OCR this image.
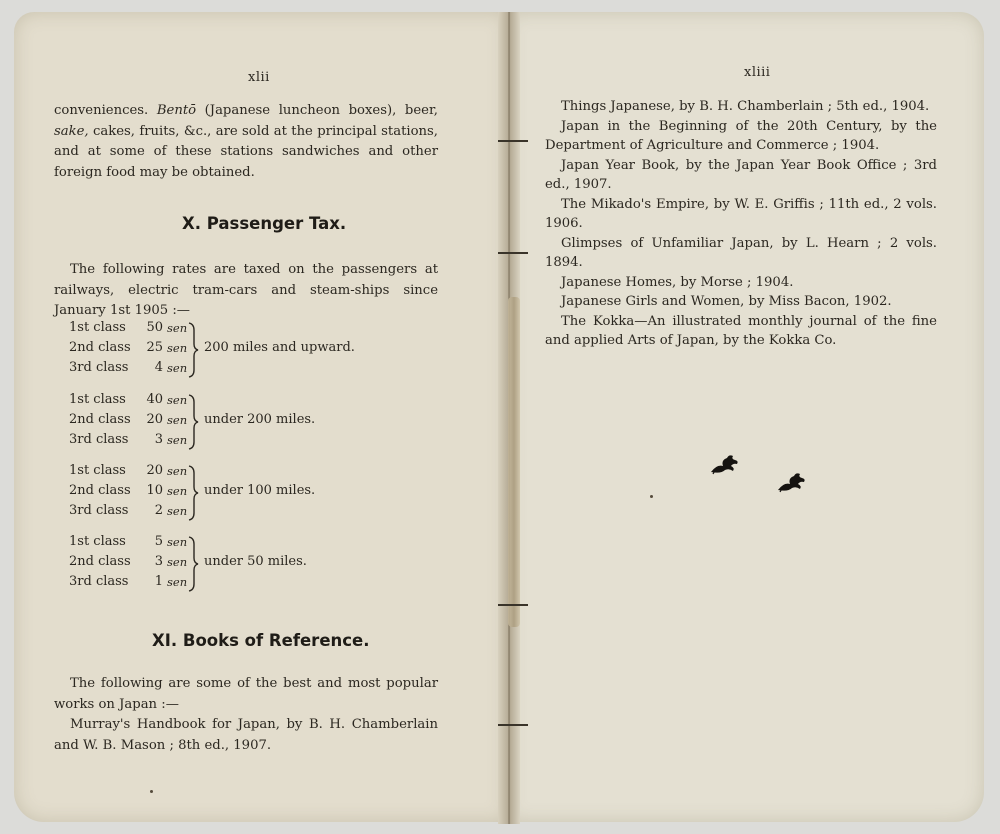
xlii

conveniences. Bentō (Japanese luncheon boxes), beer, sake, cakes, fruits, &c., are sold at the principal stations, and at some of these stations sandwiches and other foreign food may be obtained.

X. Passenger Tax.

The following rates are taxed on the passengers at railways, electric tram-cars and steam-ships since January 1st 1905 :—

1st class	50 sen
2nd class	25 sen
3rd class	4 sen
200 miles and upward.
1st class	40 sen
2nd class	20 sen
3rd class	3 sen
under 200 miles.
1st class	20 sen
2nd class	10 sen
3rd class	2 sen
under 100 miles.
1st class	5 sen
2nd class	3 sen
3rd class	1 sen
under 50 miles.
XI. Books of Reference.

The following are some of the best and most popular works on Japan :—

Murray's Handbook for Japan, by B. H. Chamberlain and W. B. Mason ; 8th ed., 1907.

xliii

Things Japanese, by B. H. Chamberlain ; 5th ed., 1904.

Japan in the Beginning of the 20th Century, by the Department of Agriculture and Commerce ; 1904.

Japan Year Book, by the Japan Year Book Office ; 3rd ed., 1907.

The Mikado's Empire, by W. E. Griffis ; 11th ed., 2 vols. 1906.

Glimpses of Unfamiliar Japan, by L. Hearn ; 2 vols. 1894.

Japanese Homes, by Morse ; 1904.

Japanese Girls and Women, by Miss Bacon, 1902.

The Kokka—An illustrated monthly journal of the fine and applied Arts of Japan, by the Kokka Co.
